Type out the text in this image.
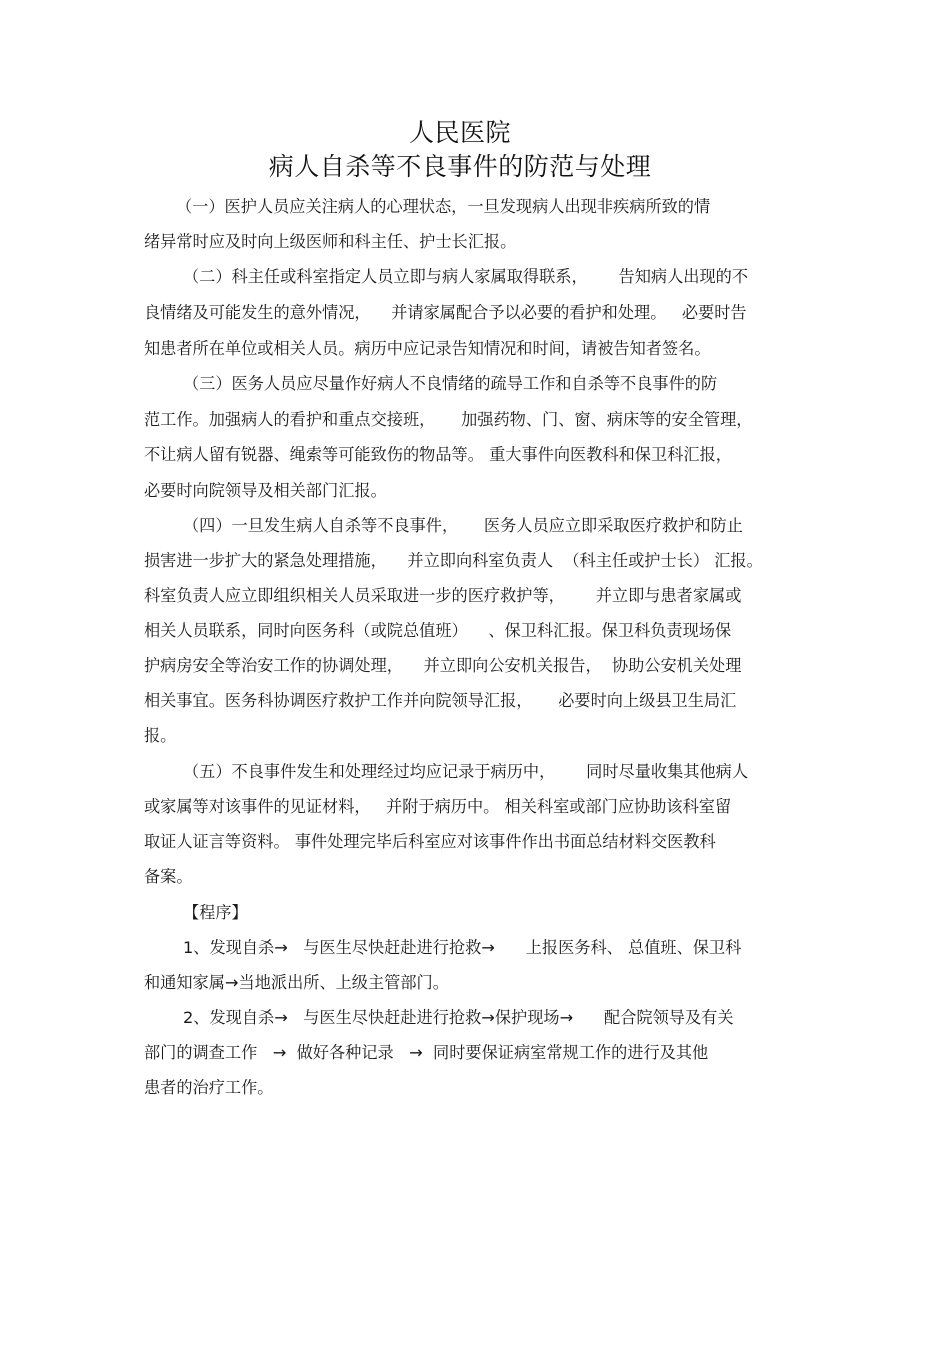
人民医院
病人自杀等不良事件的防范与处理
（一）医护人员应关注病人的心理状态，一旦发现病人出现非疾病所致的情
绪异常时应及时向上级医师和科主任、护士长汇报。
（二）科主任或科室指定人员立即与病人家属取得联系，      告知病人出现的不
良情绪及可能发生的意外情况，    并请家属配合予以必要的看护和处理。   必要时告
知患者所在单位或相关人员。病历中应记录告知情况和时间，请被告知者签名。
（三）医务人员应尽量作好病人不良情绪的疏导工作和自杀等不良事件的防
范工作。加强病人的看护和重点交接班，     加强药物、门、窗、病床等的安全管理，
不让病人留有锐器、绳索等可能致伤的物品等。 重大事件向医教科和保卫科汇报，
必要时向院领导及相关部门汇报。
（四）一旦发生病人自杀等不良事件，     医务人员应立即采取医疗救护和防止
损害进一步扩大的紧急处理措施，    并立即向科室负责人  （科主任或护士长） 汇报。
科室负责人应立即组织相关人员采取进一步的医疗救护等，      并立即与患者家属或
相关人员联系，同时向医务科（或院总值班）    、保卫科汇报。保卫科负责现场保
护病房安全等治安工作的协调处理，    并立即向公安机关报告，  协助公安机关处理
相关事宜。医务科协调医疗救护工作并向院领导汇报，     必要时向上级县卫生局汇
报。
（五）不良事件发生和处理经过均应记录于病历中，      同时尽量收集其他病人
或家属等对该事件的见证材料，   并附于病历中。 相关科室或部门应协助该科室留
取证人证言等资料。 事件处理完毕后科室应对该事件作出书面总结材料交医教科
备案。
【程序】
1、发现自杀→   与医生尽快赶赴进行抢救→      上报医务科、 总值班、保卫科
和通知家属→当地派出所、上级主管部门。
2、发现自杀→   与医生尽快赶赴进行抢救→保护现场→      配合院领导及有关
部门的调查工作   →  做好各种记录   →  同时要保证病室常规工作的进行及其他
患者的治疗工作。
